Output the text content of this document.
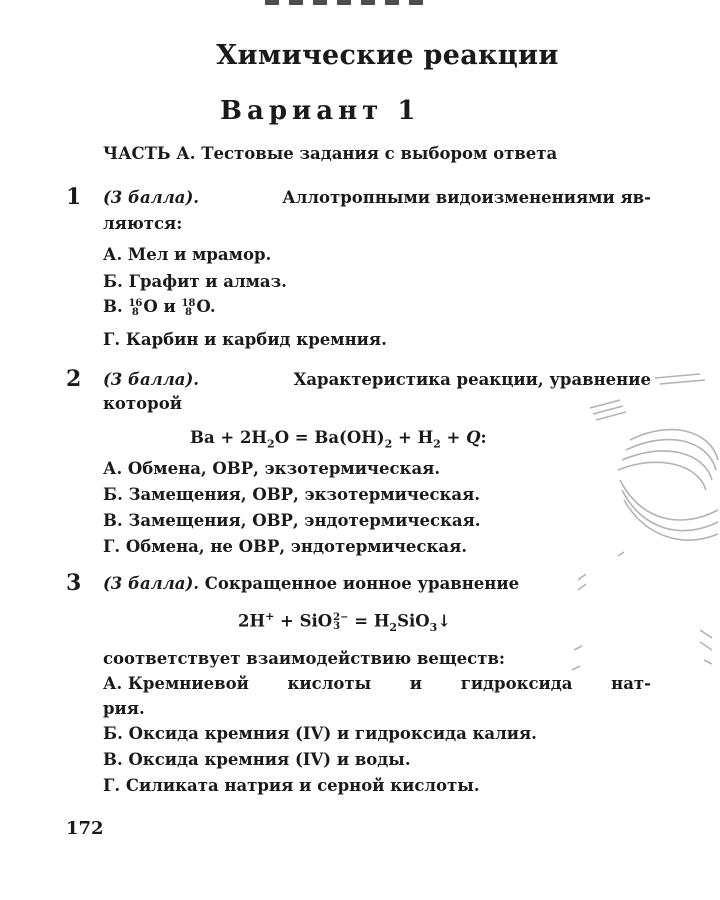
Химические реакции
Вариант 1
ЧАСТЬ А. Тестовые задания с выбором ответа
1 (3 балла).	Аллотропными видоизменениями яв-
ляются:
А. Мел и мрамор.
Б. Графит и алмаз.
В. 16
8 O и 18
8 O.
Г. Карбин и карбид кремния.
2 (3 балла).	Характеристика реакции, уравнение
которой
$Ba + 2H_2O = Ba(OH)_2 + H_2 + Q$:
А. Обмена, ОВР, экзотермическая.
Б. Замещения, ОВР, экзотермическая.
В. Замещения, ОВР, эндотермическая.
Г. Обмена, не ОВР, эндотермическая.
3 (3 балла). Сокращенное ионное уравнение
2H+ + SiO 2−
$3 = H_2SiO_3↓$
соответствует взаимодействию веществ:
А. Кремниевой кислоты и гидроксида нат-
рия.
Б. Оксида кремния (IV) и гидроксида калия.
В. Оксида кремния (IV) и воды.
Г. Силиката натрия и серной кислоты.
172
